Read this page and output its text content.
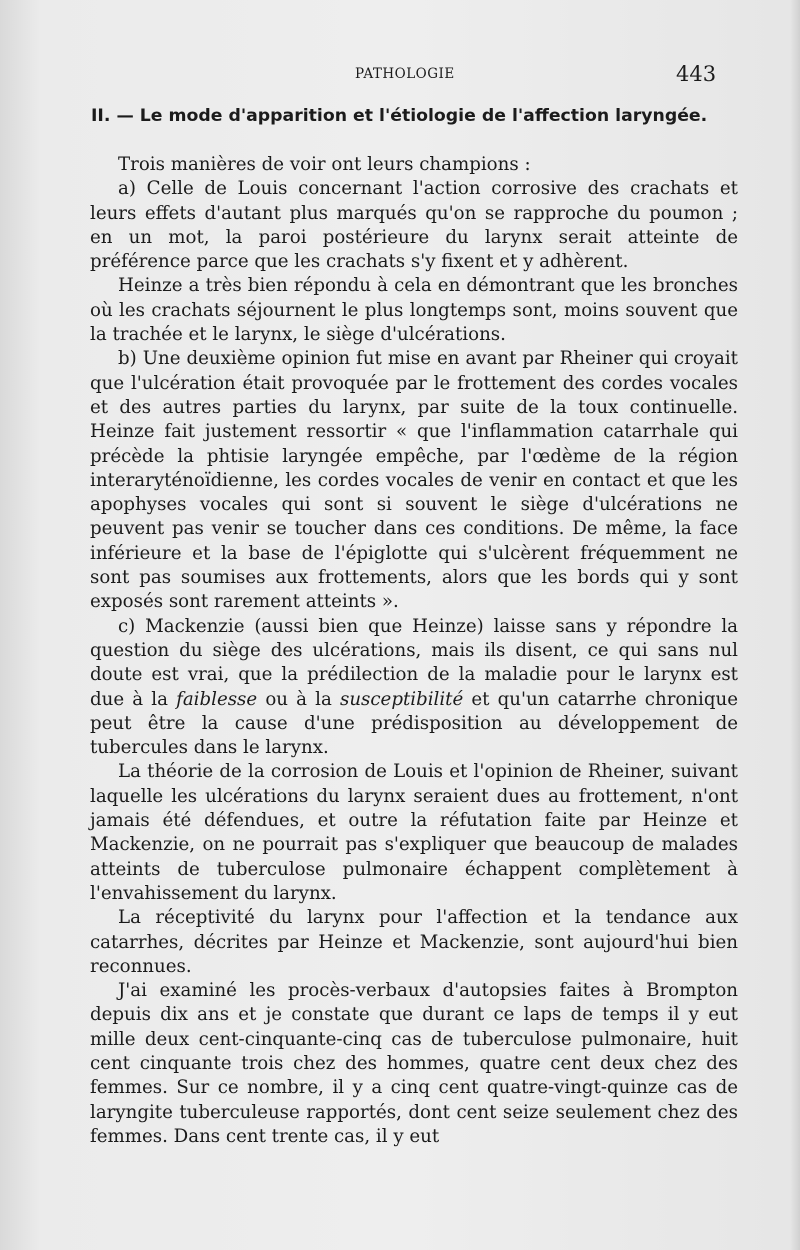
PATHOLOGIE	443
II. — Le mode d'apparition et l'étiologie de l'affection laryngée.

Trois manières de voir ont leurs champions :

a) Celle de Louis concernant l'action corrosive des crachats et leurs effets d'autant plus marqués qu'on se rapproche du poumon ; en un mot, la paroi postérieure du larynx serait atteinte de préférence parce que les crachats s'y fixent et y adhèrent.

Heinze a très bien répondu à cela en démontrant que les bronches où les crachats séjournent le plus longtemps sont, moins souvent que la trachée et le larynx, le siège d'ulcérations.

b) Une deuxième opinion fut mise en avant par Rheiner qui croyait que l'ulcération était provoquée par le frottement des cordes vocales et des autres parties du larynx, par suite de la toux continuelle. Heinze fait justement ressortir « que l'inflammation catarrhale qui précède la phtisie laryngée empêche, par l'œdème de la région interaryténoïdienne, les cordes vocales de venir en contact et que les apophyses vocales qui sont si souvent le siège d'ulcérations ne peuvent pas venir se toucher dans ces conditions. De même, la face inférieure et la base de l'épiglotte qui s'ulcèrent fréquemment ne sont pas soumises aux frottements, alors que les bords qui y sont exposés sont rarement atteints ».

c) Mackenzie (aussi bien que Heinze) laisse sans y répondre la question du siège des ulcérations, mais ils disent, ce qui sans nul doute est vrai, que la prédilection de la maladie pour le larynx est due à la faiblesse ou à la susceptibilité et qu'un catarrhe chronique peut être la cause d'une prédisposition au développement de tubercules dans le larynx.

La théorie de la corrosion de Louis et l'opinion de Rheiner, suivant laquelle les ulcérations du larynx seraient dues au frottement, n'ont jamais été défendues, et outre la réfutation faite par Heinze et Mackenzie, on ne pourrait pas s'expliquer que beaucoup de malades atteints de tuberculose pulmonaire échappent complètement à l'envahissement du larynx.

La réceptivité du larynx pour l'affection et la tendance aux catarrhes, décrites par Heinze et Mackenzie, sont aujourd'hui bien reconnues.

J'ai examiné les procès-verbaux d'autopsies faites à Brompton depuis dix ans et je constate que durant ce laps de temps il y eut mille deux cent-cinquante-cinq cas de tuberculose pulmonaire, huit cent cinquante trois chez des hommes, quatre cent deux chez des femmes. Sur ce nombre, il y a cinq cent quatre-vingt-quinze cas de laryngite tuberculeuse rapportés, dont cent seize seulement chez des femmes. Dans cent trente cas, il y eut
